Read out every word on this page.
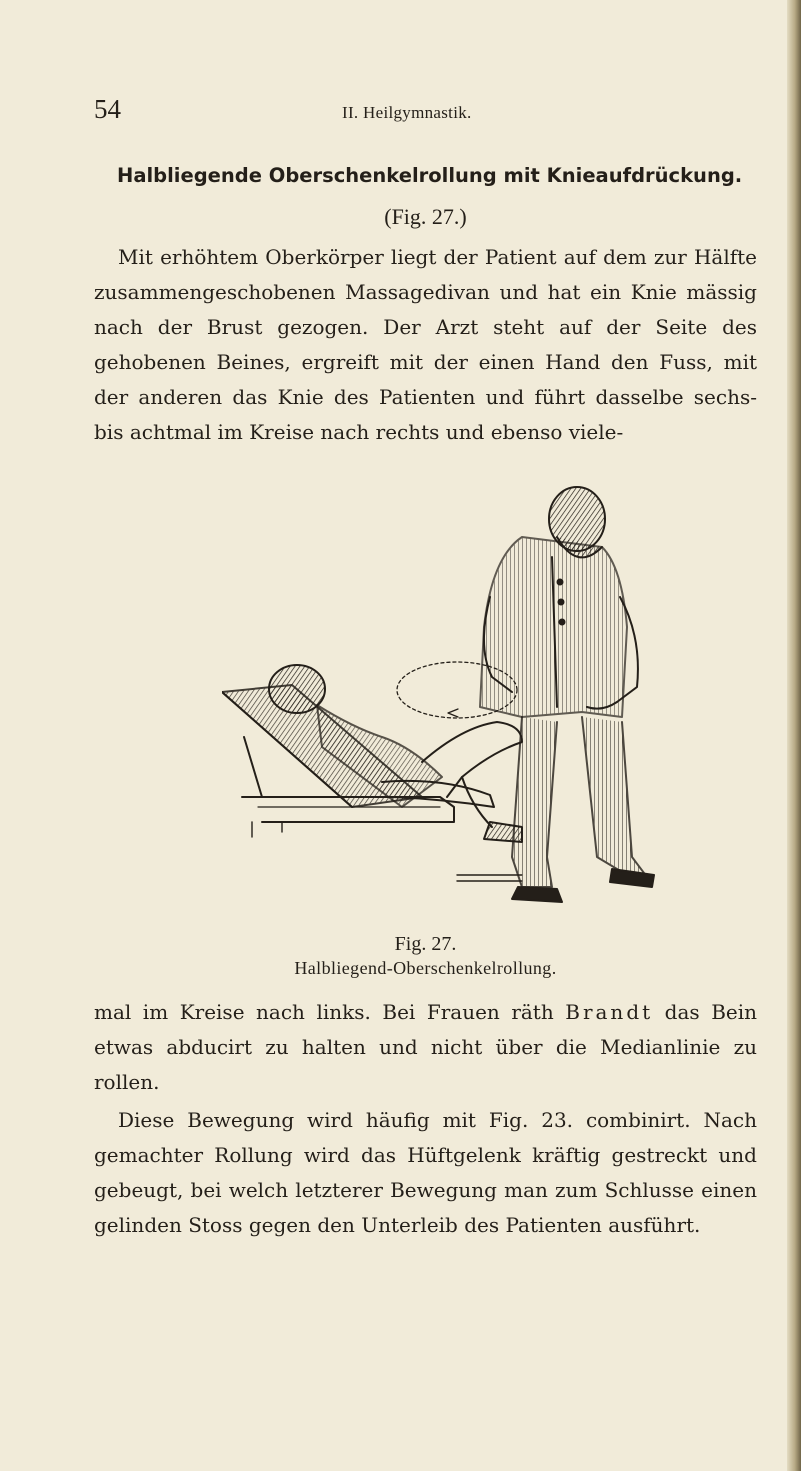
54	II. Heilgymnastik.
Halbliegende Oberschenkelrollung mit Knieaufdrückung.
(Fig. 27.)

Mit erhöhtem Oberkörper liegt der Patient auf dem zur Hälfte zusammengeschobenen Massagedivan und hat ein Knie mässig nach der Brust gezogen. Der Arzt steht auf der Seite des gehobenen Beines, ergreift mit der einen Hand den Fuss, mit der anderen das Knie des Patienten und führt dasselbe sechs- bis achtmal im Kreise nach rechts und ebenso viele-

Fig. 27.
Halbliegend-Oberschenkelrollung.

mal im Kreise nach links. Bei Frauen räth Brandt das Bein etwas abducirt zu halten und nicht über die Medianlinie zu rollen.

Diese Bewegung wird häufig mit Fig. 23. combinirt. Nach gemachter Rollung wird das Hüftgelenk kräftig gestreckt und gebeugt, bei welch letzterer Bewegung man zum Schlusse einen gelinden Stoss gegen den Unterleib des Patienten ausführt.
